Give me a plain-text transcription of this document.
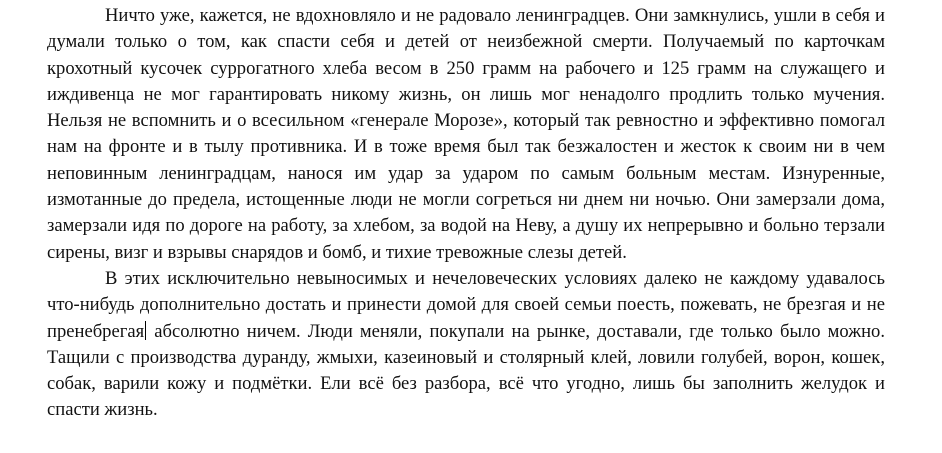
Ничто уже, кажется, не вдохновляло и не радовало ленинградцев. Они замкнулись, ушли в себя и думали только о том, как спасти себя и детей от неизбежной смерти. Получаемый по карточкам крохотный кусочек суррогатного хлеба весом в 250 грамм на рабочего и 125 грамм на служащего и иждивенца не мог гарантировать никому жизнь, он лишь мог ненадолго продлить только мучения. Нельзя не вспомнить и о всесильном «генерале Морозе», который так ревностно и эффективно помогал нам на фронте и в тылу противника. И в тоже время был так безжалостен и жесток к своим ни в чем неповинным ленинградцам, нанося им удар за ударом по самым больным местам. Изнуренные, измотанные до предела, истощенные люди не могли согреться ни днем ни ночью. Они замерзали дома, замерзали идя по дороге на работу, за хлебом, за водой на Неву, а душу их непрерывно и больно терзали сирены, визг и взрывы снарядов и бомб, и тихие тревожные слезы детей.

В этих исключительно невыносимых и нечеловеческих условиях далеко не каждому удавалось что-нибудь дополнительно достать и принести домой для своей семьи поесть, пожевать, не брезгая и не пренебрегая абсолютно ничем. Люди меняли, покупали на рынке, доставали, где только было можно. Тащили с производства дуранду, жмыхи, казеиновый и столярный клей, ловили голубей, ворон, кошек, собак, варили кожу и подмётки. Ели всё без разбора, всё что угодно, лишь бы заполнить желудок и спасти жизнь.
